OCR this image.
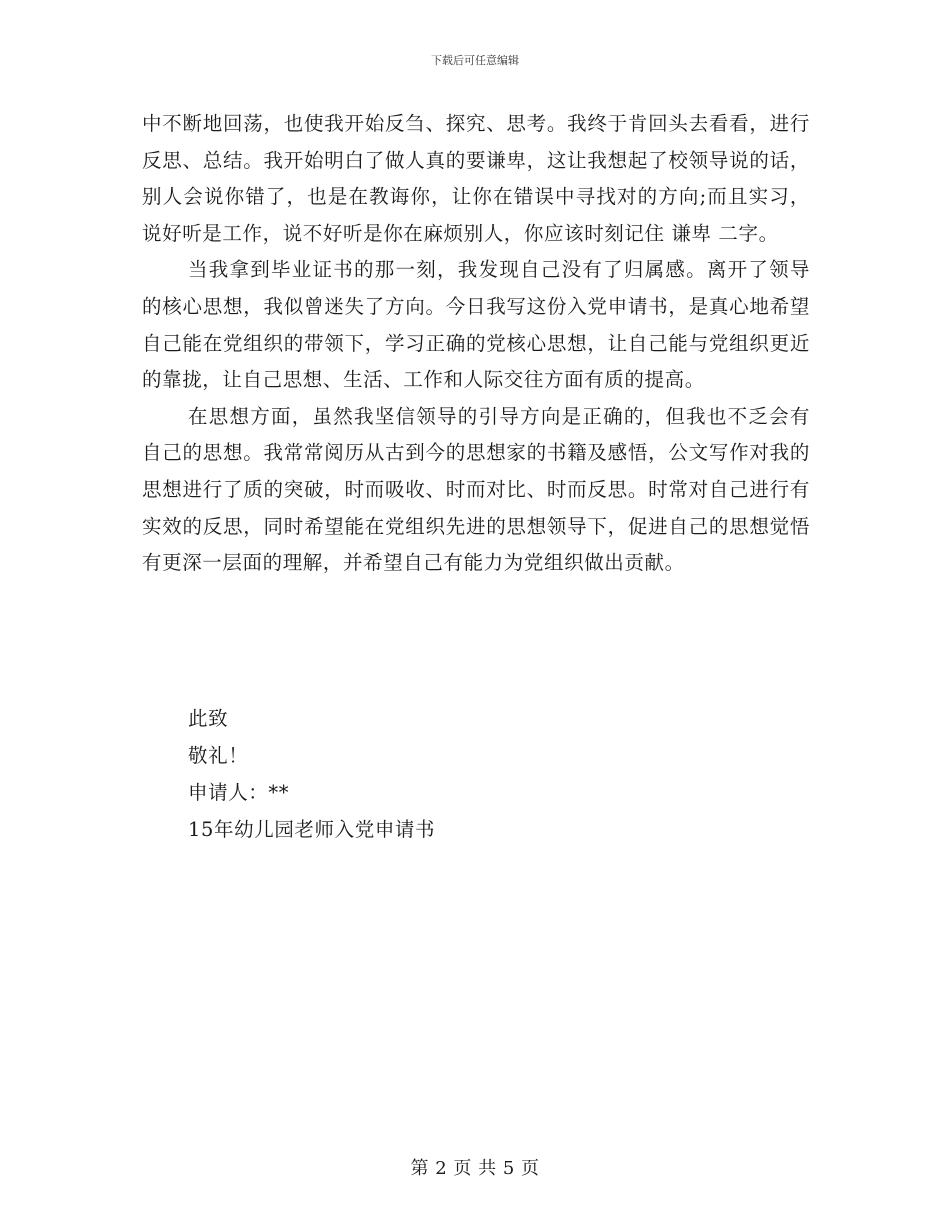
下载后可任意编辑

中不断地回荡，也使我开始反刍、探究、思考。我终于肯回头去看看，进行反思、总结。我开始明白了做人真的要谦卑，这让我想起了校领导说的话， 别人会说你错了，也是在教诲你，让你在错误中寻找对的方向;而且实习，说好听是工作，说不好听是你在麻烦别人，你应该时刻记住 谦卑 二字。

当我拿到毕业证书的那一刻，我发现自己没有了归属感。离开了领导的核心思想，我似曾迷失了方向。今日我写这份入党申请书，是真心地希望自己能在党组织的带领下，学习正确的党核心思想，让自己能与党组织更近的靠拢，让自己思想、生活、工作和人际交往方面有质的提高。

在思想方面，虽然我坚信领导的引导方向是正确的，但我也不乏会有自己的思想。我常常阅历从古到今的思想家的书籍及感悟，公文写作对我的思想进行了质的突破，时而吸收、时而对比、时而反思。时常对自己进行有实效的反思，同时希望能在党组织先进的思想领导下，促进自己的思想觉悟有更深一层面的理解，并希望自己有能力为党组织做出贡献。

此致
敬礼！
申请人：**
15年幼儿园老师入党申请书
第 2 页 共 5 页
